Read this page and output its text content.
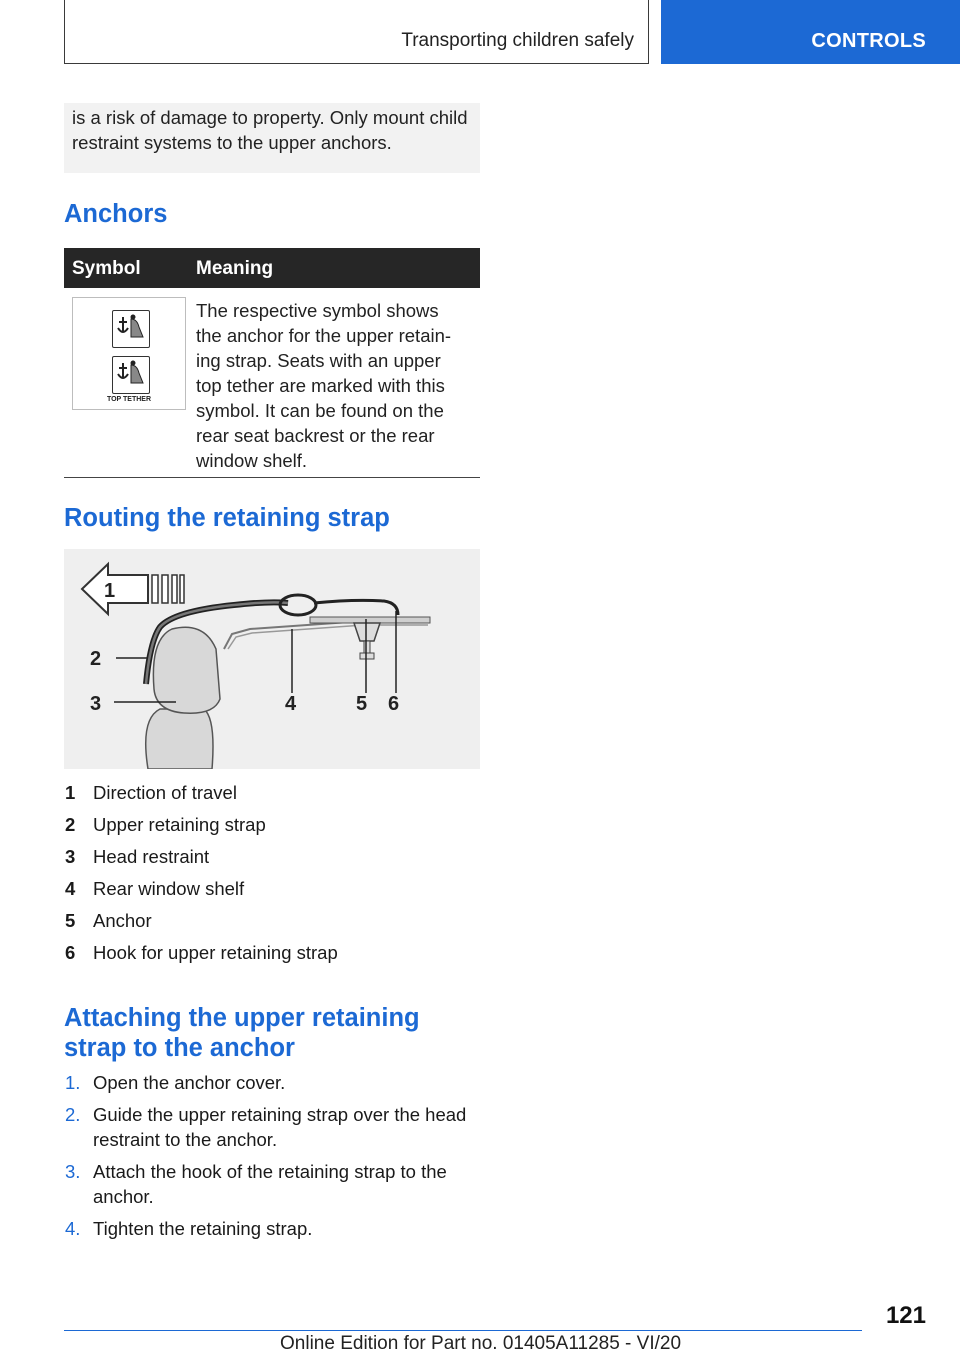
Transporting children safely	CONTROLS
is a risk of damage to property. Only mount child restraint systems to the upper anchors.
Anchors
Symbol	Meaning
TOP TETHER
The respective symbol shows
the anchor for the upper retain-
ing strap. Seats with an upper
top tether are marked with this
symbol. It can be found on the
rear seat backrest or the rear
window shelf.
Routing the retaining strap
1
2
3	4	5 6
1 Direction of travel
2 Upper retaining strap
3 Head restraint
4 Rear window shelf
5 Anchor
6 Hook for upper retaining strap
Attaching the upper retaining
strap to the anchor
1. Open the anchor cover.
2. Guide the upper retaining strap over the head
restraint to the anchor.
3. Attach the hook of the retaining strap to the
anchor.
4. Tighten the retaining strap.
121
Online Edition for Part no. 01405A11285 - VI/20
